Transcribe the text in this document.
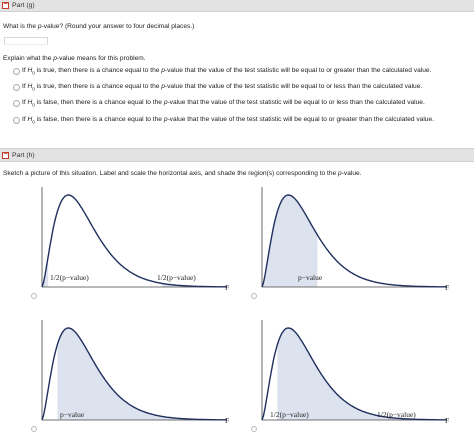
− Part (g)
What is the p-value? (Round your answer to four decimal places.)
Explain what the p-value means for this problem.
If $H_0$ is true, then there is a chance equal to the p-value that the value of the test statistic will be equal to or greater than the calculated value.
If $H_0$ is true, then there is a chance equal to the p-value that the value of the test statistic will be equal to or less than the calculated value.
If $H_0$ is false, then there is a chance equal to the p-value that the value of the test statistic will be equal to or less than the calculated value.
If $H_0$ is false, then there is a chance equal to the p-value that the value of the test statistic will be equal to or greater than the calculated value.
− Part (h)
Sketch a picture of this situation. Label and scale the horizontal axis, and shade the region(s) corresponding to the p-value.
1/2(p−value)	1/2(p−value)
F
p−value
F
p−value
F
1/2(p−value)	1/2(p−value)
F
